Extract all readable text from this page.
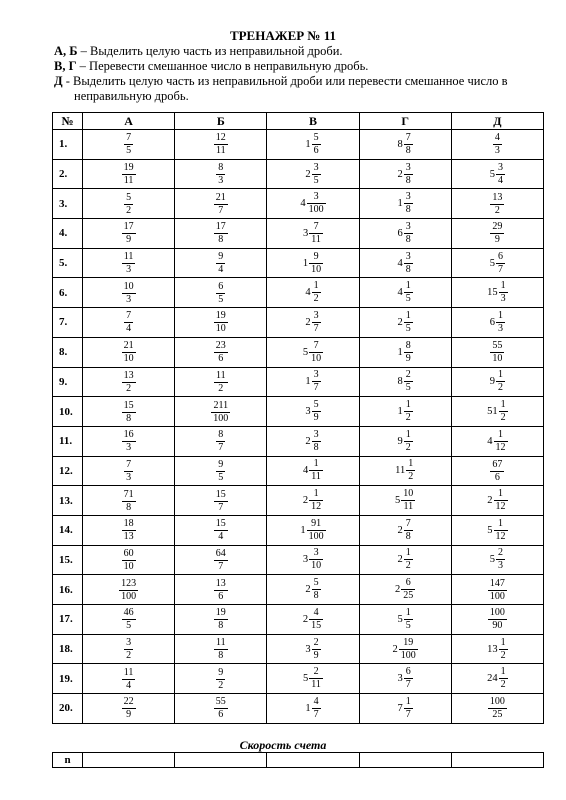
ТРЕНАЖЕР № 11
А, Б – Выделить целую часть из неправильной дроби.
В, Г – Перевести смешанное число в неправильную дробь.
Д - Выделить целую часть из неправильной дроби или перевести смешанное число в
неправильную дробь.
№	А	Б	В	Г	Д
1.	$\frac{7}{5}$	$\frac{12}{11}$	$1 \frac{5}{6}$	$8 \frac{7}{8}$	$\frac{4}{3}$

2.	$\frac{19}{11}$	$\frac{8}{3}$	$2 \frac{3}{5}$	$2 \frac{3}{8}$	$5 \frac{3}{4}$

3.	$\frac{5}{2}$	$\frac{21}{7}$	$4 \frac{3}{100}$	$1 \frac{3}{8}$	$\frac{13}{2}$

4.	$\frac{17}{9}$	$\frac{17}{8}$	$3 \frac{7}{11}$	$6 \frac{3}{8}$	$\frac{29}{9}$

5.	$\frac{11}{3}$	$\frac{9}{4}$	$1 \frac{9}{10}$	$4 \frac{3}{8}$	$5 \frac{6}{7}$

6.	$\frac{10}{3}$	$\frac{6}{5}$	$4 \frac{1}{2}$	$4 \frac{1}{5}$	$15 \frac{1}{3}$

7.	$\frac{7}{4}$	$\frac{19}{10}$	$2 \frac{3}{7}$	$2 \frac{1}{5}$	$6 \frac{1}{3}$

8.	$\frac{21}{10}$	$\frac{23}{6}$	$5 \frac{7}{10}$	$1 \frac{8}{9}$	$\frac{55}{10}$

9.	$\frac{13}{2}$	$\frac{11}{2}$	$1 \frac{3}{7}$	$8 \frac{2}{5}$	$9 \frac{1}{2}$

10.	$\frac{15}{8}$	$\frac{211}{100}$	$3 \frac{5}{9}$	$1 \frac{1}{2}$	$51 \frac{1}{2}$

11.	$\frac{16}{3}$	$\frac{8}{7}$	$2 \frac{3}{8}$	$9 \frac{1}{2}$	$4 \frac{1}{12}$

12.	$\frac{7}{3}$	$\frac{9}{5}$	$4 \frac{1}{11}$	$11 \frac{1}{2}$	$\frac{67}{6}$

13.	$\frac{71}{8}$	$\frac{15}{7}$	$2 \frac{1}{12}$	$5 \frac{10}{11}$	$2 \frac{1}{12}$

14.	$\frac{18}{13}$	$\frac{15}{4}$	$1 \frac{91}{100}$	$2 \frac{7}{8}$	$5 \frac{1}{12}$

15.	$\frac{60}{10}$	$\frac{64}{7}$	$3 \frac{3}{10}$	$2 \frac{1}{2}$	$5 \frac{2}{3}$

16.	$\frac{123}{100}$	$\frac{13}{6}$	$2 \frac{5}{8}$	$2 \frac{6}{25}$	$\frac{147}{100}$

17.	$\frac{46}{5}$	$\frac{19}{8}$	$2 \frac{4}{15}$	$5 \frac{1}{5}$	$\frac{100}{90}$

18.	$\frac{3}{2}$	$\frac{11}{8}$	$3 \frac{2}{9}$	$2 \frac{19}{100}$	$13 \frac{1}{2}$

19.	$\frac{11}{4}$	$\frac{9}{2}$	$5 \frac{2}{11}$	$3 \frac{6}{7}$	$24 \frac{1}{2}$

20.	$\frac{22}{9}$	$\frac{55}{6}$	$1 \frac{4}{7}$	$7 \frac{1}{7}$	$\frac{100}{25}$
Скорость счета
n					
